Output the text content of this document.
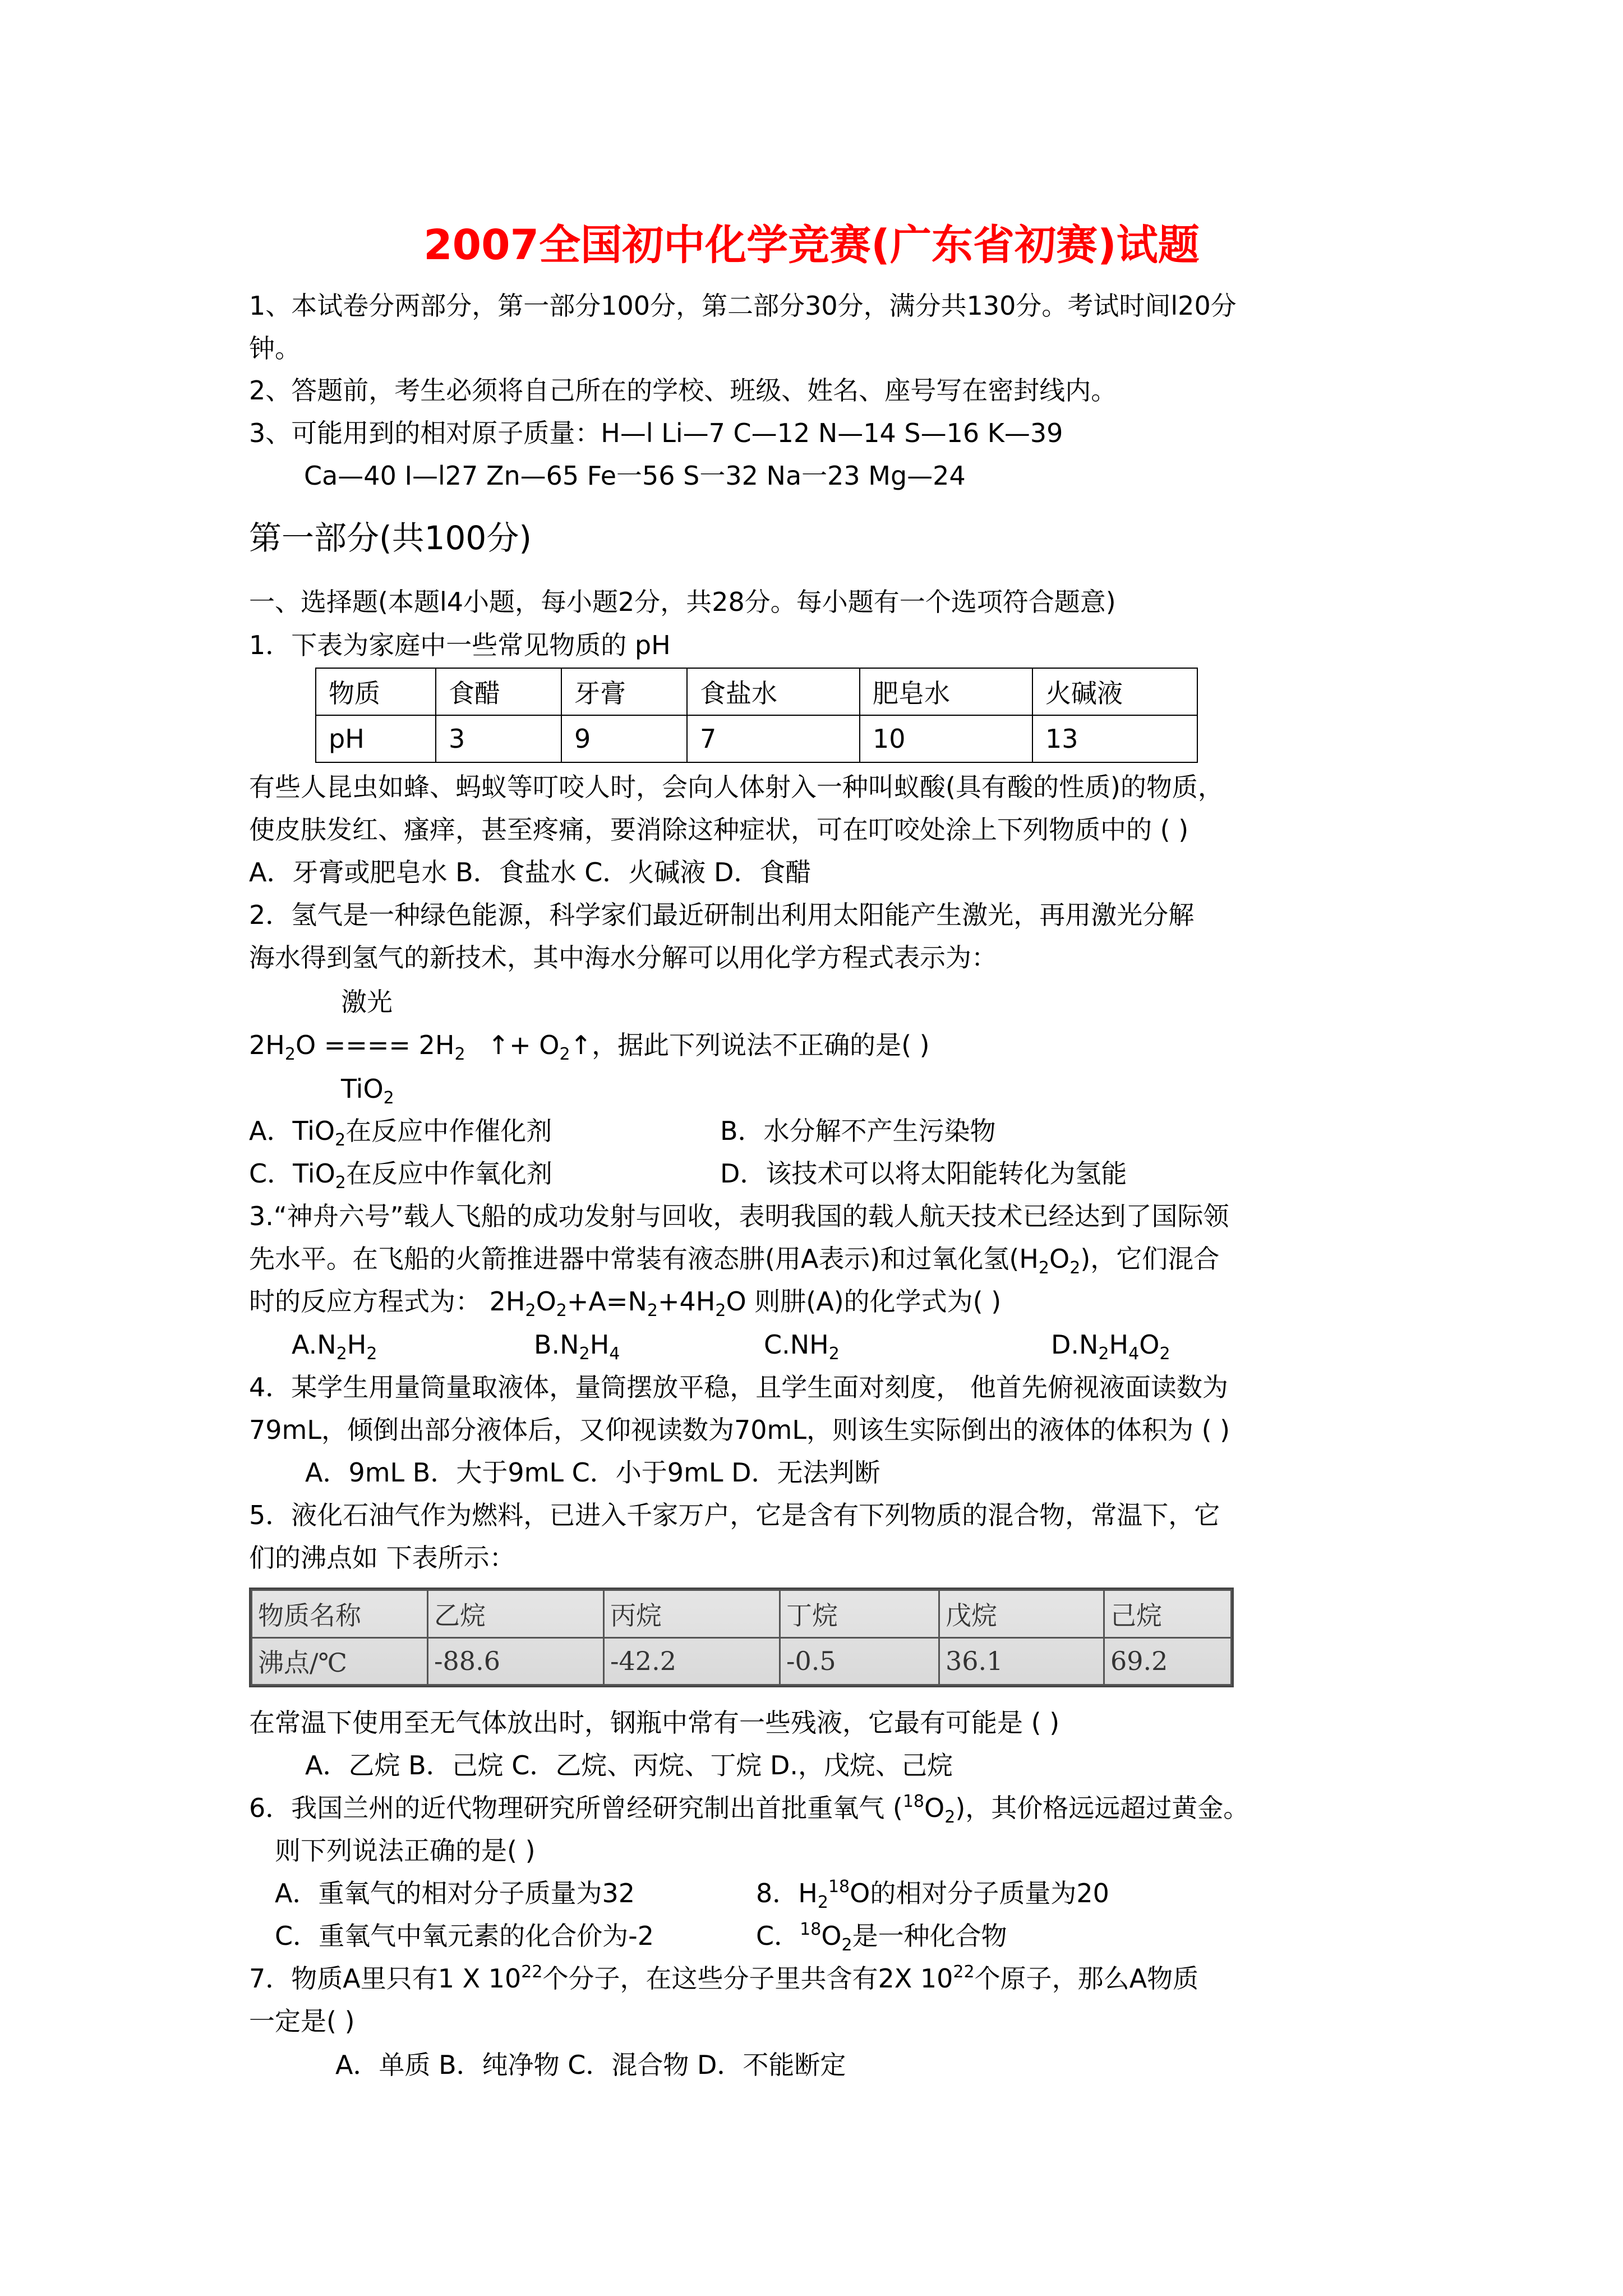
2007全国初中化学竞赛(广东省初赛)试题
1、本试卷分两部分，第一部分100分，第二部分30分，满分共130分。考试时间l20分
钟。
2、答题前，考生必须将自己所在的学校、班级、姓名、座号写在密封线内。
3、可能用到的相对原子质量：H—l Li—7 C—12 N—14 S—16 K—39
Ca—40 I—l27 Zn—65 Fe一56 S一32 Na一23 Mg—24
第一部分(共100分)
一、选择题(本题l4小题，每小题2分，共28分。每小题有一个选项符合题意)
1．下表为家庭中一些常见物质的 pH
物质	食醋	牙膏	食盐水	肥皂水	火碱液
pH	3	9	7	10	13
有些人昆虫如蜂、蚂蚁等叮咬人时，会向人体射入一种叫蚁酸(具有酸的性质)的物质，
使皮肤发红、瘙痒，甚至疼痛，要消除这种症状，可在叮咬处涂上下列物质中的 ( )
A．牙膏或肥皂水 B．食盐水 C．火碱液 D．食醋
2．氢气是一种绿色能源，科学家们最近研制出利用太阳能产生激光，再用激光分解
海水得到氢气的新技术，其中海水分解可以用化学方程式表示为：
激光
$2H_2O$ ==== $2H_2$ ↑+ $O_2↑$，据此下列说法不正确的是( )
TiO$_2$
A．TiO$_2$在反应中作催化剂	B．水分解不产生污染物
C．TiO$_2$在反应中作氧化剂	D．该技术可以将太阳能转化为氢能
3.“神舟六号”载人飞船的成功发射与回收，表明我国的载人航天技术已经达到了国际领
先水平。在飞船的火箭推进器中常装有液态肼(用A表示)和过氧化氢$(H_2O_2)$，它们混合
时的反应方程式为： $2H_2O_2+A=N_2+4H_2O$ 则肼(A)的化学式为( )
$A.N_2H_2$	$B.N_2H_4$	$C.NH_2$	$D.N_2H_4O_2$
4．某学生用量筒量取液体，量筒摆放平稳，且学生面对刻度， 他首先俯视液面读数为
79mL，倾倒出部分液体后，又仰视读数为70mL，则该生实际倒出的液体的体积为 ( )
A．9mL B．大于9mL C．小于9mL D．无法判断
5．液化石油气作为燃料，已进入千家万户，它是含有下列物质的混合物，常温下，它
们的沸点如 下表所示：
物质名称	乙烷	丙烷	丁烷	戊烷	己烷
沸点/℃	-88.6	-42.2	-0.5	36.1	69.2
在常温下使用至无气体放出时，钢瓶中常有一些残液，它最有可能是 ( )
A．乙烷 B．己烷 C．乙烷、丙烷、丁烷 D.，戊烷、己烷
6．我国兰州的近代物理研究所曾经研究制出首批重氧气 $(^{18}O_2)$，其价格远远超过黄金。
则下列说法正确的是( )
A．重氧气的相对分子质量为32	8．$H_2^{18}O$的相对分子质量为20
C．重氧气中氧元素的化合价为-2	C．$^{18}O_2$是一种化合物
7．物质A里只有1 X $10^{22}$个分子，在这些分子里共含有2X $10^{22}$个原子，那么A物质
一定是( )
A．单质 B．纯净物 C．混合物 D．不能断定
